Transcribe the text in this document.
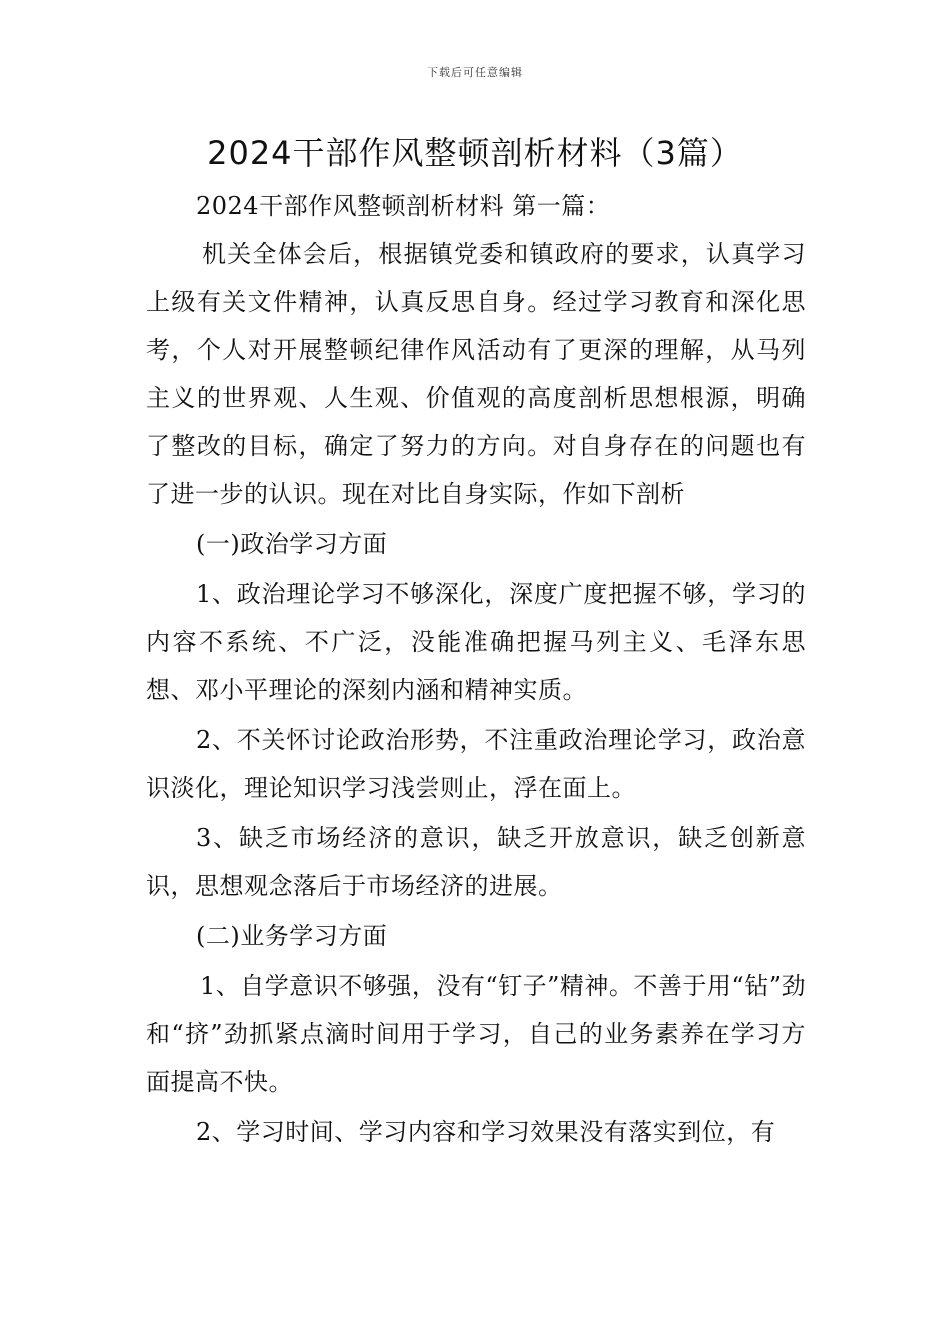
下载后可任意编辑
2024干部作风整顿剖析材料（3篇）

2024干部作风整顿剖析材料 第一篇：

机关全体会后，根据镇党委和镇政府的要求，认真学习上级有关文件精神，认真反思自身。经过学习教育和深化思考，个人对开展整顿纪律作风活动有了更深的理解，从马列主义的世界观、人生观、价值观的高度剖析思想根源，明确了整改的目标，确定了努力的方向。对自身存在的问题也有了进一步的认识。现在对比自身实际，作如下剖析

(一)政治学习方面

1、政治理论学习不够深化，深度广度把握不够，学习的内容不系统、不广泛，没能准确把握马列主义、毛泽东思想、邓小平理论的深刻内涵和精神实质。

2、不关怀讨论政治形势，不注重政治理论学习，政治意识淡化，理论知识学习浅尝则止，浮在面上。

3、缺乏市场经济的意识，缺乏开放意识，缺乏创新意识，思想观念落后于市场经济的进展。

(二)业务学习方面

1、自学意识不够强，没有“钉子”精神。不善于用“钻”劲和“挤”劲抓紧点滴时间用于学习，自己的业务素养在学习方面提高不快。

2、学习时间、学习内容和学习效果没有落实到位，有
